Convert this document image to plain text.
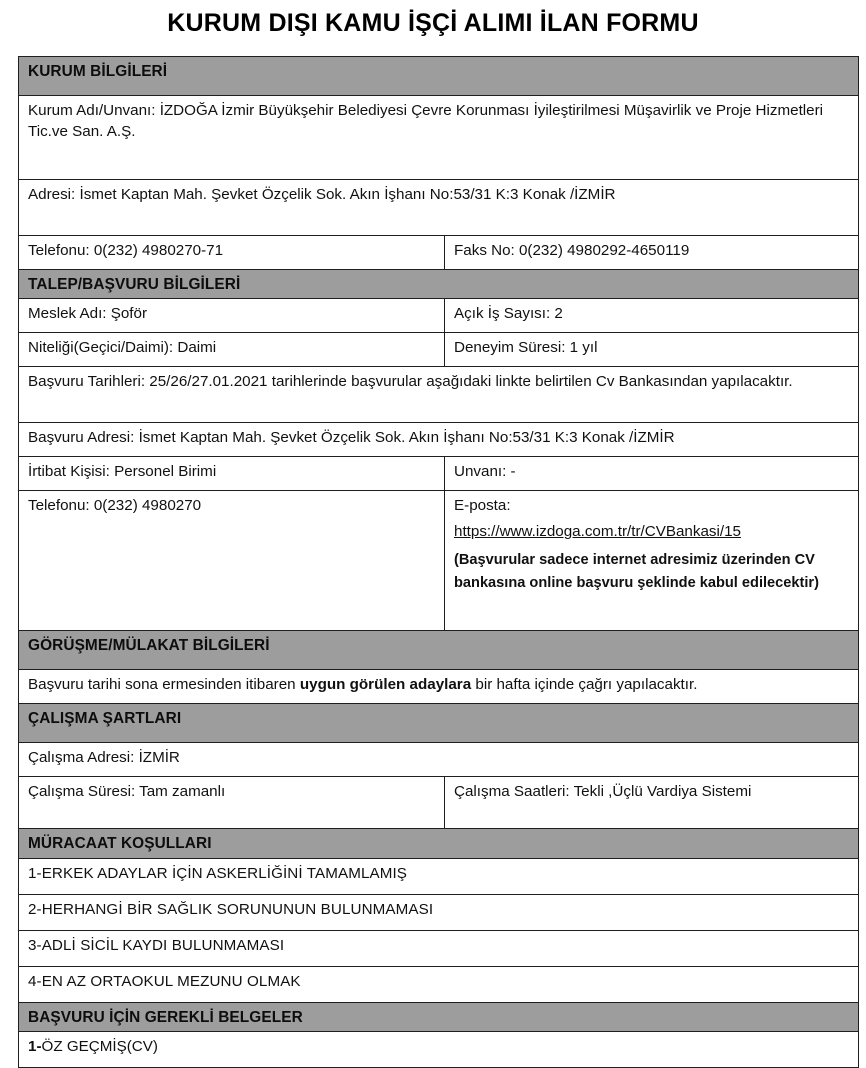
KURUM DIŞI KAMU İŞÇİ ALIMI İLAN FORMU
KURUM BİLGİLERİ	
Kurum Adı/Unvanı: İZDOĞA İzmir Büyükşehir Belediyesi Çevre Korunması İyileştirilmesi Müşavirlik ve Proje Hizmetleri Tic.ve San. A.Ş.	
Adresi: İsmet Kaptan Mah. Şevket Özçelik Sok. Akın İşhanı No:53/31 K:3 Konak /İZMİR	
Telefonu: 0(232) 4980270-71	Faks No: 0(232) 4980292-4650119
TALEP/BAŞVURU BİLGİLERİ	
Meslek Adı: Şoför	Açık İş Sayısı: 2
Niteliği(Geçici/Daimi): Daimi	Deneyim Süresi: 1 yıl
Başvuru Tarihleri: 25/26/27.01.2021 tarihlerinde başvurular aşağıdaki linkte belirtilen Cv Bankasından yapılacaktır.	
Başvuru Adresi: İsmet Kaptan Mah. Şevket Özçelik Sok. Akın İşhanı No:53/31 K:3 Konak /İZMİR	
İrtibat Kişisi: Personel Birimi	Unvanı: -
Telefonu: 0(232) 4980270	E-posta:
https://www.izdoga.com.tr/tr/CVBankasi/15
(Başvurular sadece internet adresimiz üzerinden CV bankasına online başvuru şeklinde kabul edilecektir)

GÖRÜŞME/MÜLAKAT BİLGİLERİ	
Başvuru tarihi sona ermesinden itibaren uygun görülen adaylara bir hafta içinde çağrı yapılacaktır.	
ÇALIŞMA ŞARTLARI	
Çalışma Adresi: İZMİR	
Çalışma Süresi: Tam zamanlı	Çalışma Saatleri: Tekli ,Üçlü Vardiya Sistemi
MÜRACAAT KOŞULLARI	
1-ERKEK ADAYLAR İÇİN ASKERLİĞİNİ TAMAMLAMIŞ	
2-HERHANGİ BİR SAĞLIK SORUNUNUN BULUNMAMASI	
3-ADLİ SİCİL KAYDI BULUNMAMASI	
4-EN AZ ORTAOKUL MEZUNU OLMAK	
BAŞVURU İÇİN GEREKLİ BELGELER	
1-ÖZ GEÇMİŞ(CV)	
